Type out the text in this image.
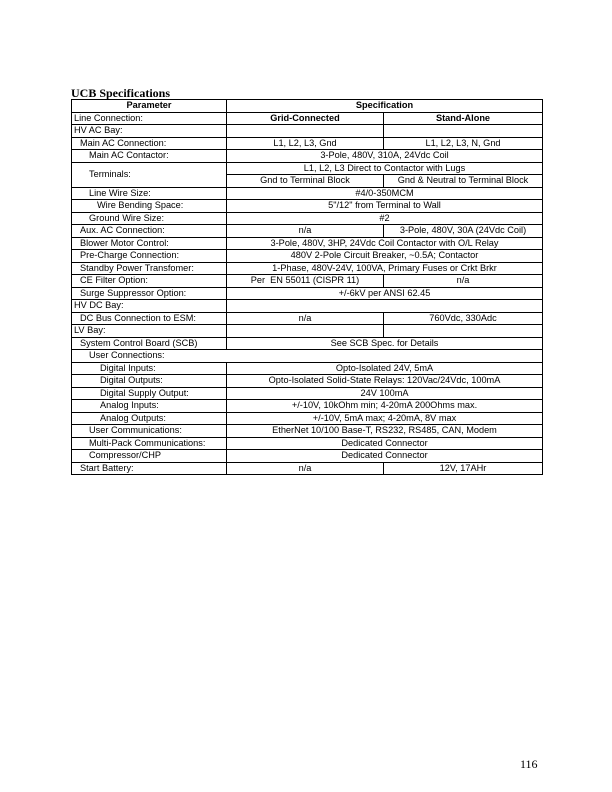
UCB Specifications
Parameter	Specification	
Line Connection:	Grid-Connected	Stand-Alone
HV AC Bay:		
Main AC Connection:	L1, L2, L3, Gnd	L1, L2, L3, N, Gnd
Main AC Contactor:	3-Pole, 480V, 310A, 24Vdc Coil	
Terminals:	L1, L2, L3 Direct to Contactor with Lugs	
	Gnd to Terminal Block	Gnd & Neutral to Terminal Block
Line Wire Size:	#4/0-350MCM	
Wire Bending Space:	5"/12" from Terminal to Wall	
Ground Wire Size:	#2	
Aux. AC Connection:	n/a	3-Pole, 480V, 30A (24Vdc Coil)
Blower Motor Control:	3-Pole, 480V, 3HP, 24Vdc Coil Contactor with O/L Relay	
Pre-Charge Connection:	480V 2-Pole Circuit Breaker, ~0.5A; Contactor	
Standby Power Transfomer:	1-Phase, 480V-24V, 100VA, Primary Fuses or Crkt Brkr	
CE Filter Option:	Per  EN 55011 (CISPR 11)	n/a
Surge Suppressor Option:	+/-6kV per ANSI 62.45	
HV DC Bay:		
DC Bus Connection to ESM:	n/a	760Vdc, 330Adc
LV Bay:		
System Control Board (SCB)	See SCB Spec. for Details	
User Connections:		
Digital Inputs:	Opto-Isolated 24V, 5mA	
Digital Outputs:	Opto-Isolated Solid-State Relays: 120Vac/24Vdc, 100mA	
Digital Supply Output:	24V 100mA	
Analog Inputs:	+/-10V, 10kOhm min; 4-20mA 200Ohms max.	
Analog Outputs:	+/-10V, 5mA max; 4-20mA, 8V max	
User Communications:	EtherNet 10/100 Base-T, RS232, RS485, CAN, Modem	
Multi-Pack Communications:	Dedicated Connector	
Compressor/CHP	Dedicated Connector	
Start Battery:	n/a	12V, 17AHr
116
